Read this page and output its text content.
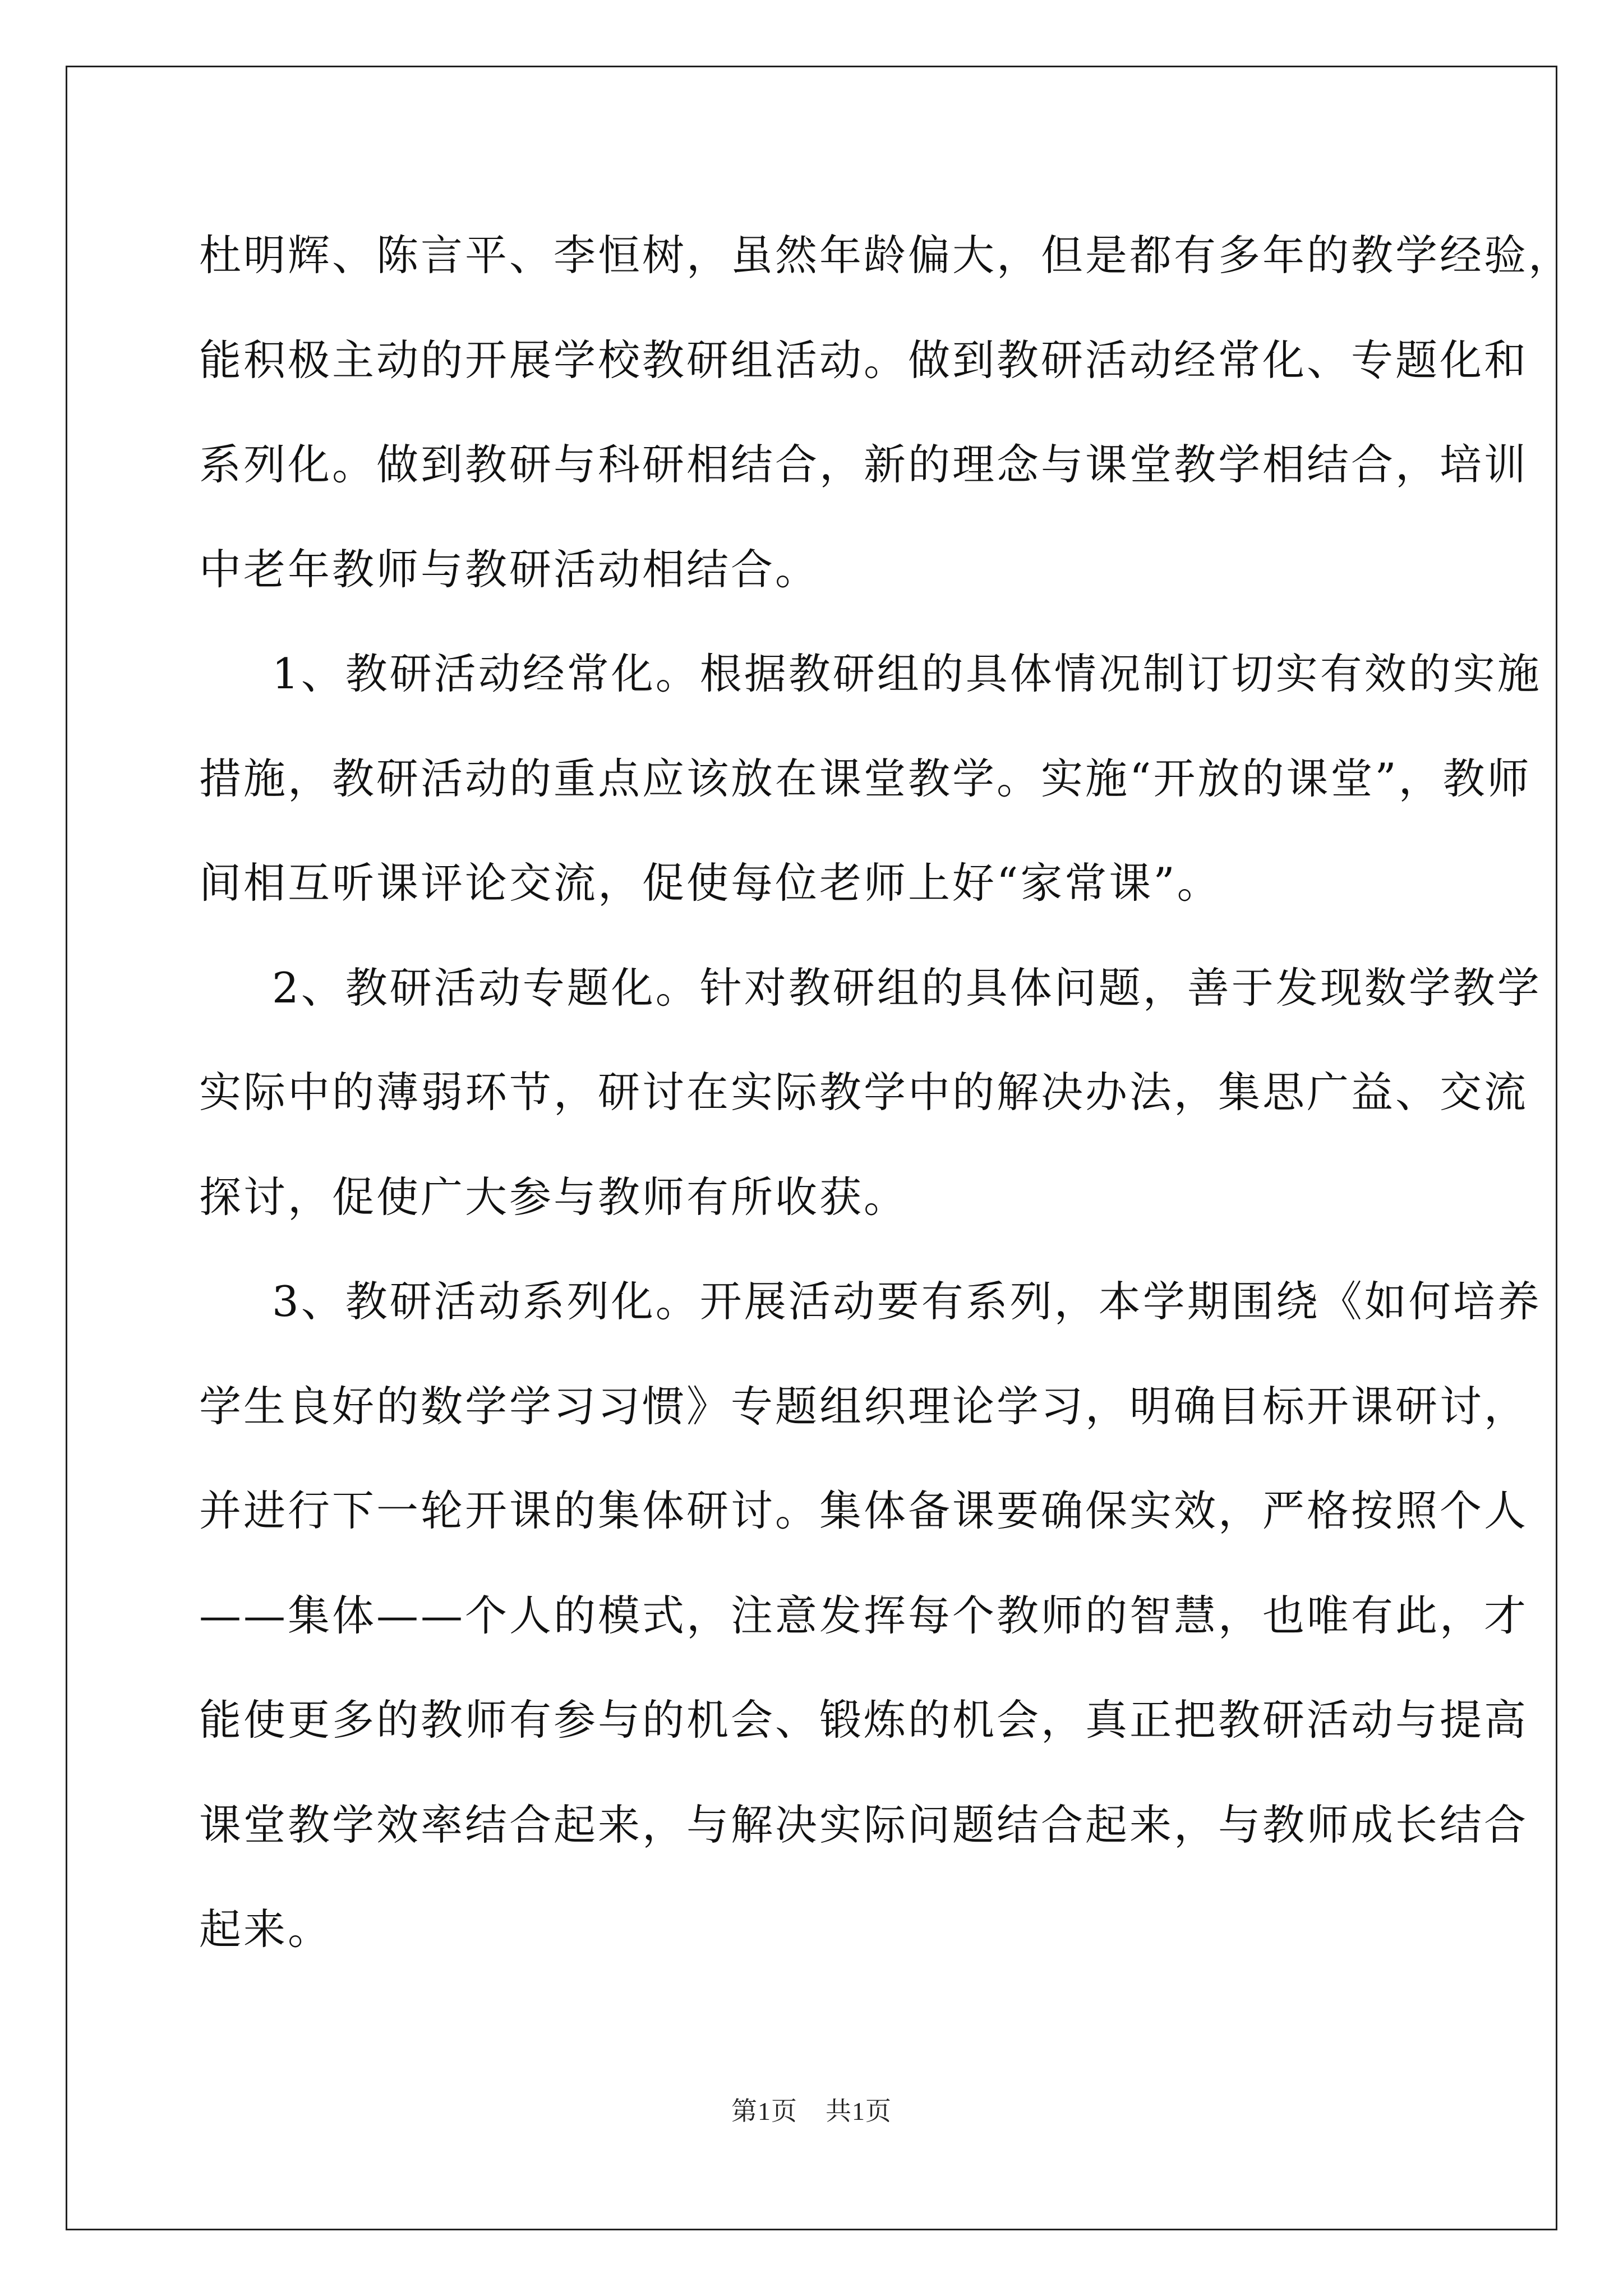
杜明辉、陈言平、李恒树，虽然年龄偏大，但是都有多年的教学经验，
能积极主动的开展学校教研组活动。做到教研活动经常化、专题化和
系列化。做到教研与科研相结合，新的理念与课堂教学相结合，培训
中老年教师与教研活动相结合。

1、教研活动经常化。根据教研组的具体情况制订切实有效的实施
措施，教研活动的重点应该放在课堂教学。实施“开放的课堂”，教师
间相互听课评论交流，促使每位老师上好“家常课”。

2、教研活动专题化。针对教研组的具体问题，善于发现数学教学
实际中的薄弱环节，研讨在实际教学中的解决办法，集思广益、交流
探讨，促使广大参与教师有所收获。

3、教研活动系列化。开展活动要有系列，本学期围绕《如何培养
学生良好的数学学习习惯》专题组织理论学习，明确目标开课研讨，
并进行下一轮开课的集体研讨。集体备课要确保实效，严格按照个人
——集体——个人的模式，注意发挥每个教师的智慧，也唯有此，才
能使更多的教师有参与的机会、锻炼的机会，真正把教研活动与提高
课堂教学效率结合起来，与解决实际问题结合起来，与教师成长结合
起来。

第1页 共1页
